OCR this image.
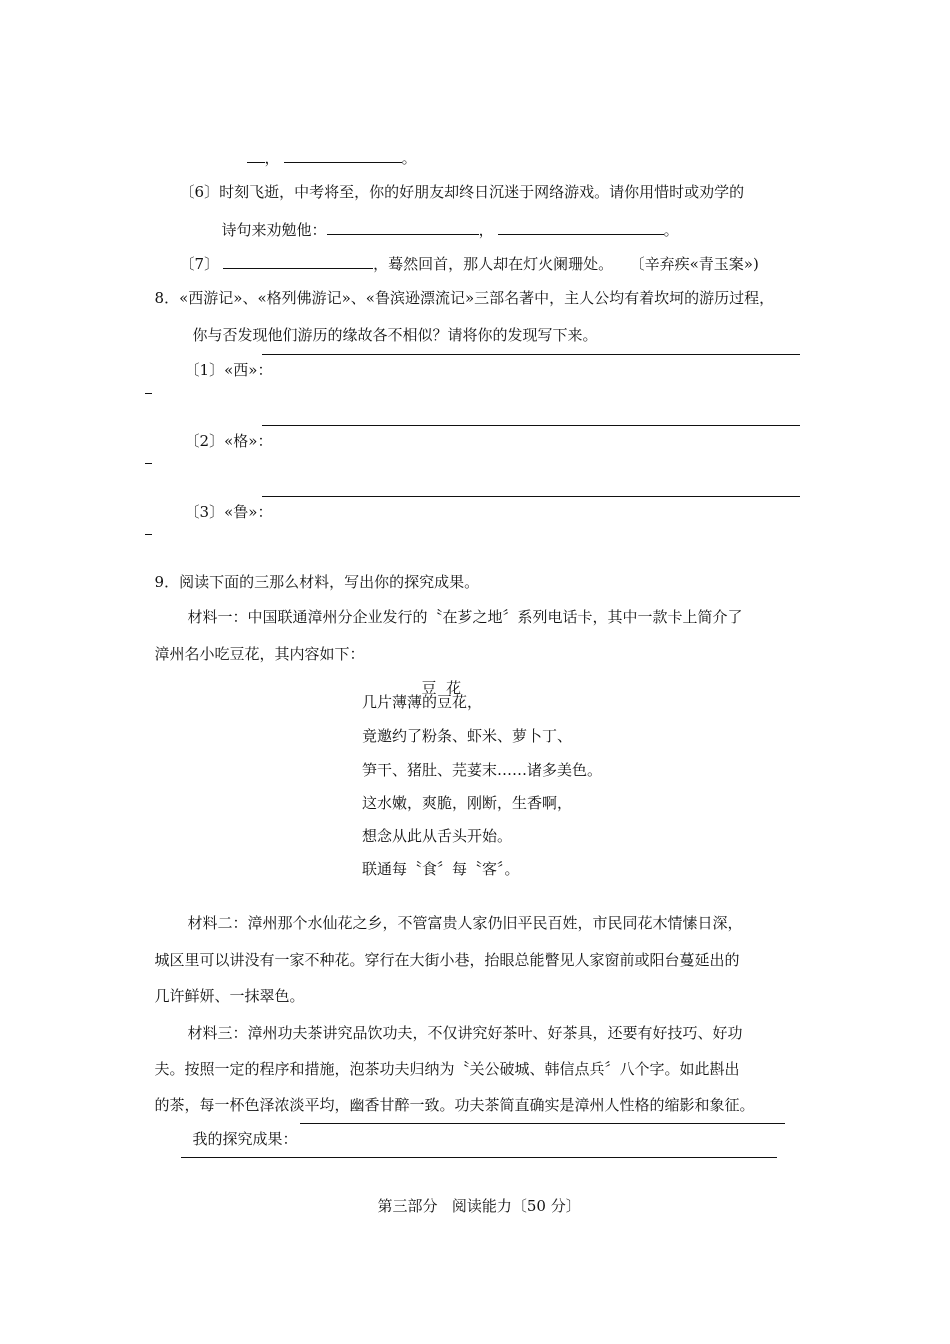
，	。

〔6〕时刻飞逝，中考将至，你的好朋友却终日沉迷于网络游戏。请你用惜时或劝学的

诗句来劝勉他：	，	。

〔7〕	，蓦然回首，那人却在灯火阑珊处。 〔辛弃疾«青玉案»)

8．«西游记»、«格列佛游记»、«鲁滨逊漂流记»三部名著中，主人公均有着坎坷的游历过程，

你与否发现他们游历的缘故各不相似？请将你的发现写下来。

〔1〕«西»：

〔2〕«格»：

〔3〕«鲁»：

9．阅读下面的三那么材料，写出你的探究成果。

材料一：中国联通漳州分企业发行的〝在芗之地〞系列电话卡，其中一款卡上简介了

漳州名小吃豆花，其内容如下：

豆  花

几片薄薄的豆花，
竟邀约了粉条、虾米、萝卜丁、
笋干、猪肚、芫荽末……诸多美色。
这水嫩，爽脆，刚断，生香啊，
想念从此从舌头开始。
联通每〝食〞每〝客〞。

材料二：漳州那个水仙花之乡，不管富贵人家仍旧平民百姓，市民同花木情愫日深，

城区里可以讲没有一家不种花。穿行在大街小巷，抬眼总能瞥见人家窗前或阳台蔓延出的

几许鲜妍、一抹翠色。

材料三：漳州功夫茶讲究品饮功夫，不仅讲究好茶叶、好茶具，还要有好技巧、好功

夫。按照一定的程序和措施，泡茶功夫归纳为〝关公破城、韩信点兵〞八个字。如此斟出

的茶，每一杯色泽浓淡平均，幽香甘醉一致。功夫茶简直确实是漳州人性格的缩影和象征。

我的探究成果：

第三部分   阅读能力〔50 分〕
